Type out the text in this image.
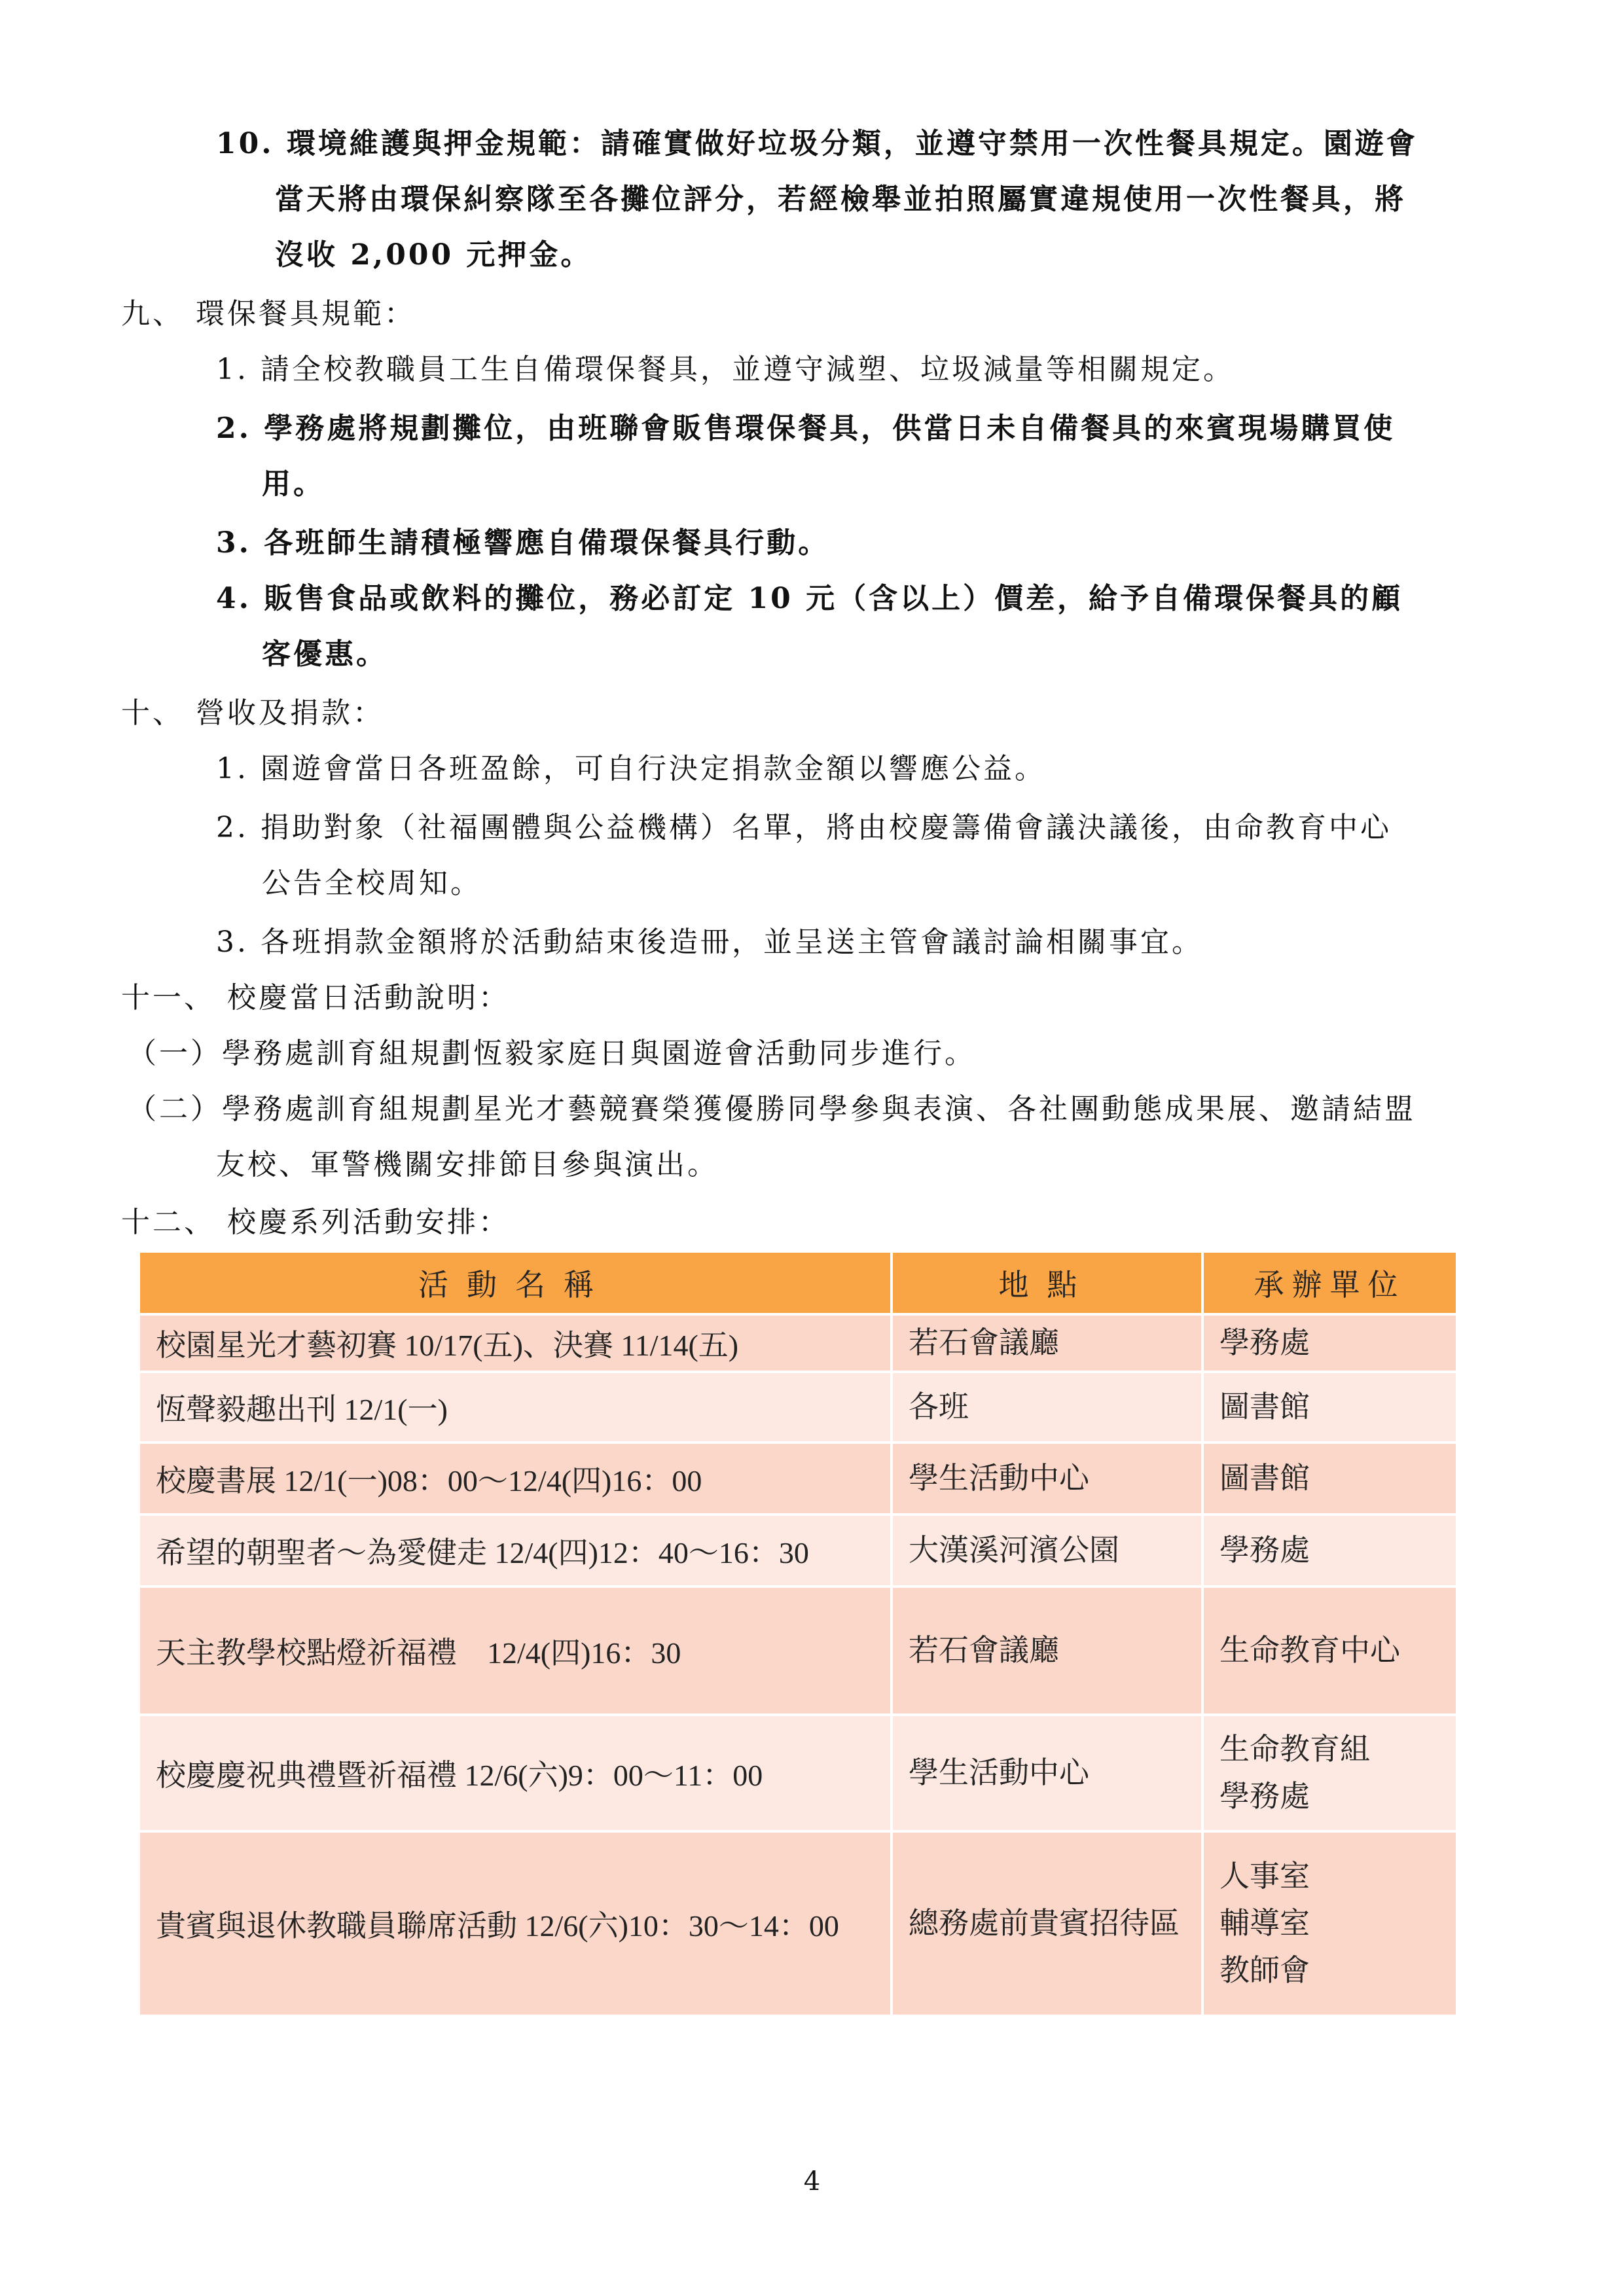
10. 環境維護與押金規範：請確實做好垃圾分類，並遵守禁用一次性餐具規定。園遊會
當天將由環保糾察隊至各攤位評分，若經檢舉並拍照屬實違規使用一次性餐具，將
沒收 2,000 元押金。
九、 環保餐具規範：
1. 請全校教職員工生自備環保餐具，並遵守減塑、垃圾減量等相關規定。
2. 學務處將規劃攤位，由班聯會販售環保餐具，供當日未自備餐具的來賓現場購買使
用。
3. 各班師生請積極響應自備環保餐具行動。
4. 販售食品或飲料的攤位，務必訂定 10 元（含以上）價差，給予自備環保餐具的顧
客優惠。
十、 營收及捐款：
1. 園遊會當日各班盈餘，可自行決定捐款金額以響應公益。
2. 捐助對象（社福團體與公益機構）名單，將由校慶籌備會議決議後，由命教育中心
公告全校周知。
3. 各班捐款金額將於活動結束後造冊，並呈送主管會議討論相關事宜。
十一、 校慶當日活動說明：
（一）學務處訓育組規劃恆毅家庭日與園遊會活動同步進行。
（二）學務處訓育組規劃星光才藝競賽榮獲優勝同學參與表演、各社團動態成果展、邀請結盟
友校、軍警機關安排節目參與演出。
十二、 校慶系列活動安排：
活動名稱	地點	承辦單位
校園星光才藝初賽 10/17(五)、決賽 11/14(五)	若石會議廳	學務處

恆聲毅趣出刊 12/1(一)	各班	圖書館

校慶書展 12/1(一)08：00～12/4(四)16：00	學生活動中心	圖書館

希望的朝聖者～為愛健走 12/4(四)12：40～16：30	大漢溪河濱公園	學務處

天主教學校點燈祈福禮　12/4(四)16：30	若石會議廳	生命教育中心

校慶慶祝典禮暨祈福禮 12/6(六)9：00～11：00	學生活動中心	生命教育組
學務處

貴賓與退休教職員聯席活動 12/6(六)10：30～14：00	總務處前貴賓招待區	人事室
輔導室
教師會
4
